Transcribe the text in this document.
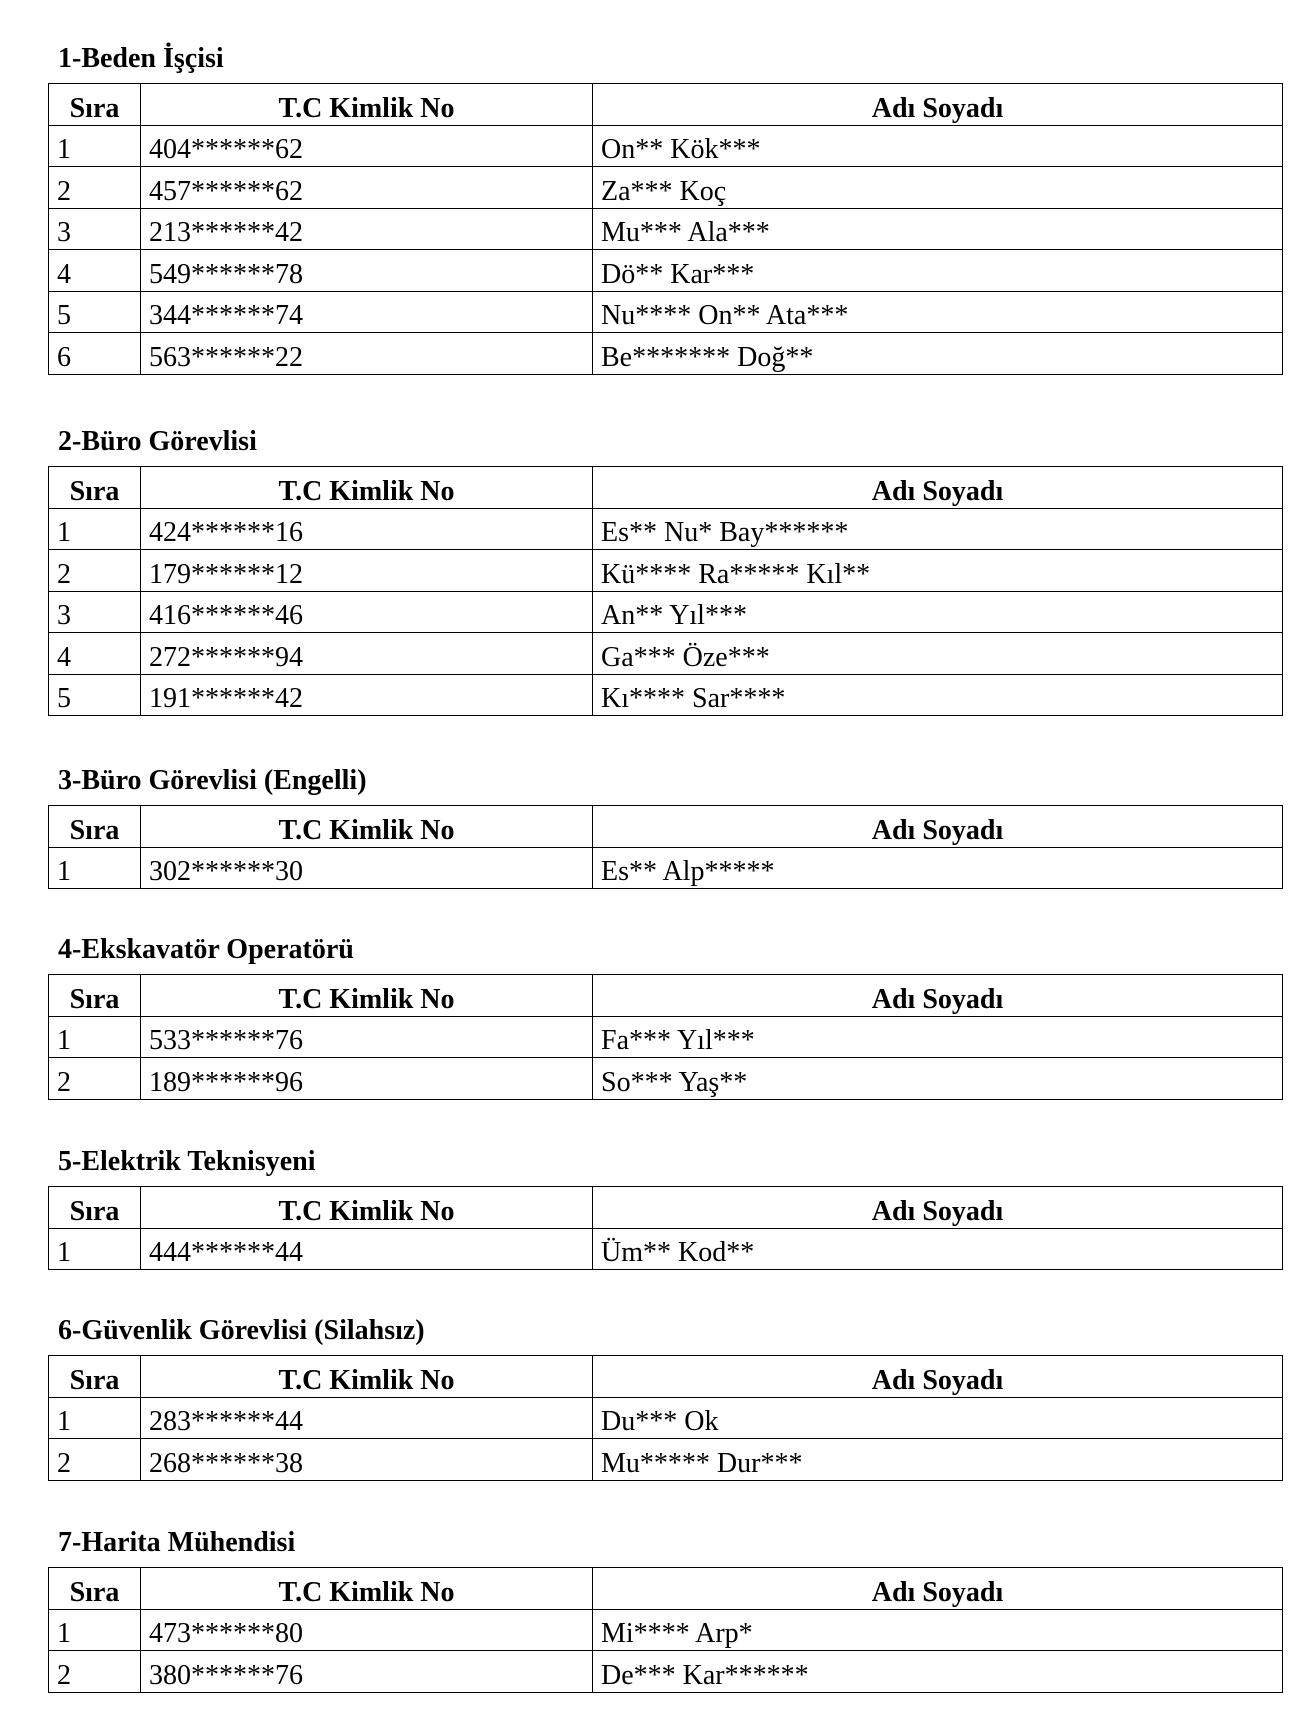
1-Beden İşçisi
Sıra	T.C Kimlik No	Adı Soyadı
1	404******62	On** Kök***
2	457******62	Za*** Koç
3	213******42	Mu*** Ala***
4	549******78	Dö** Kar***
5	344******74	Nu**** On** Ata***
6	563******22	Be******* Doğ**
2-Büro Görevlisi
Sıra	T.C Kimlik No	Adı Soyadı
1	424******16	Es** Nu* Bay******
2	179******12	Kü**** Ra***** Kıl**
3	416******46	An** Yıl***
4	272******94	Ga*** Öze***
5	191******42	Kı**** Sar****
3-Büro Görevlisi (Engelli)
Sıra	T.C Kimlik No	Adı Soyadı
1	302******30	Es** Alp*****
4-Ekskavatör Operatörü
Sıra	T.C Kimlik No	Adı Soyadı
1	533******76	Fa*** Yıl***
2	189******96	So*** Yaş**
5-Elektrik Teknisyeni
Sıra	T.C Kimlik No	Adı Soyadı
1	444******44	Üm** Kod**
6-Güvenlik Görevlisi (Silahsız)
Sıra	T.C Kimlik No	Adı Soyadı
1	283******44	Du*** Ok
2	268******38	Mu***** Dur***
7-Harita Mühendisi
Sıra	T.C Kimlik No	Adı Soyadı
1	473******80	Mi**** Arp*
2	380******76	De*** Kar******
